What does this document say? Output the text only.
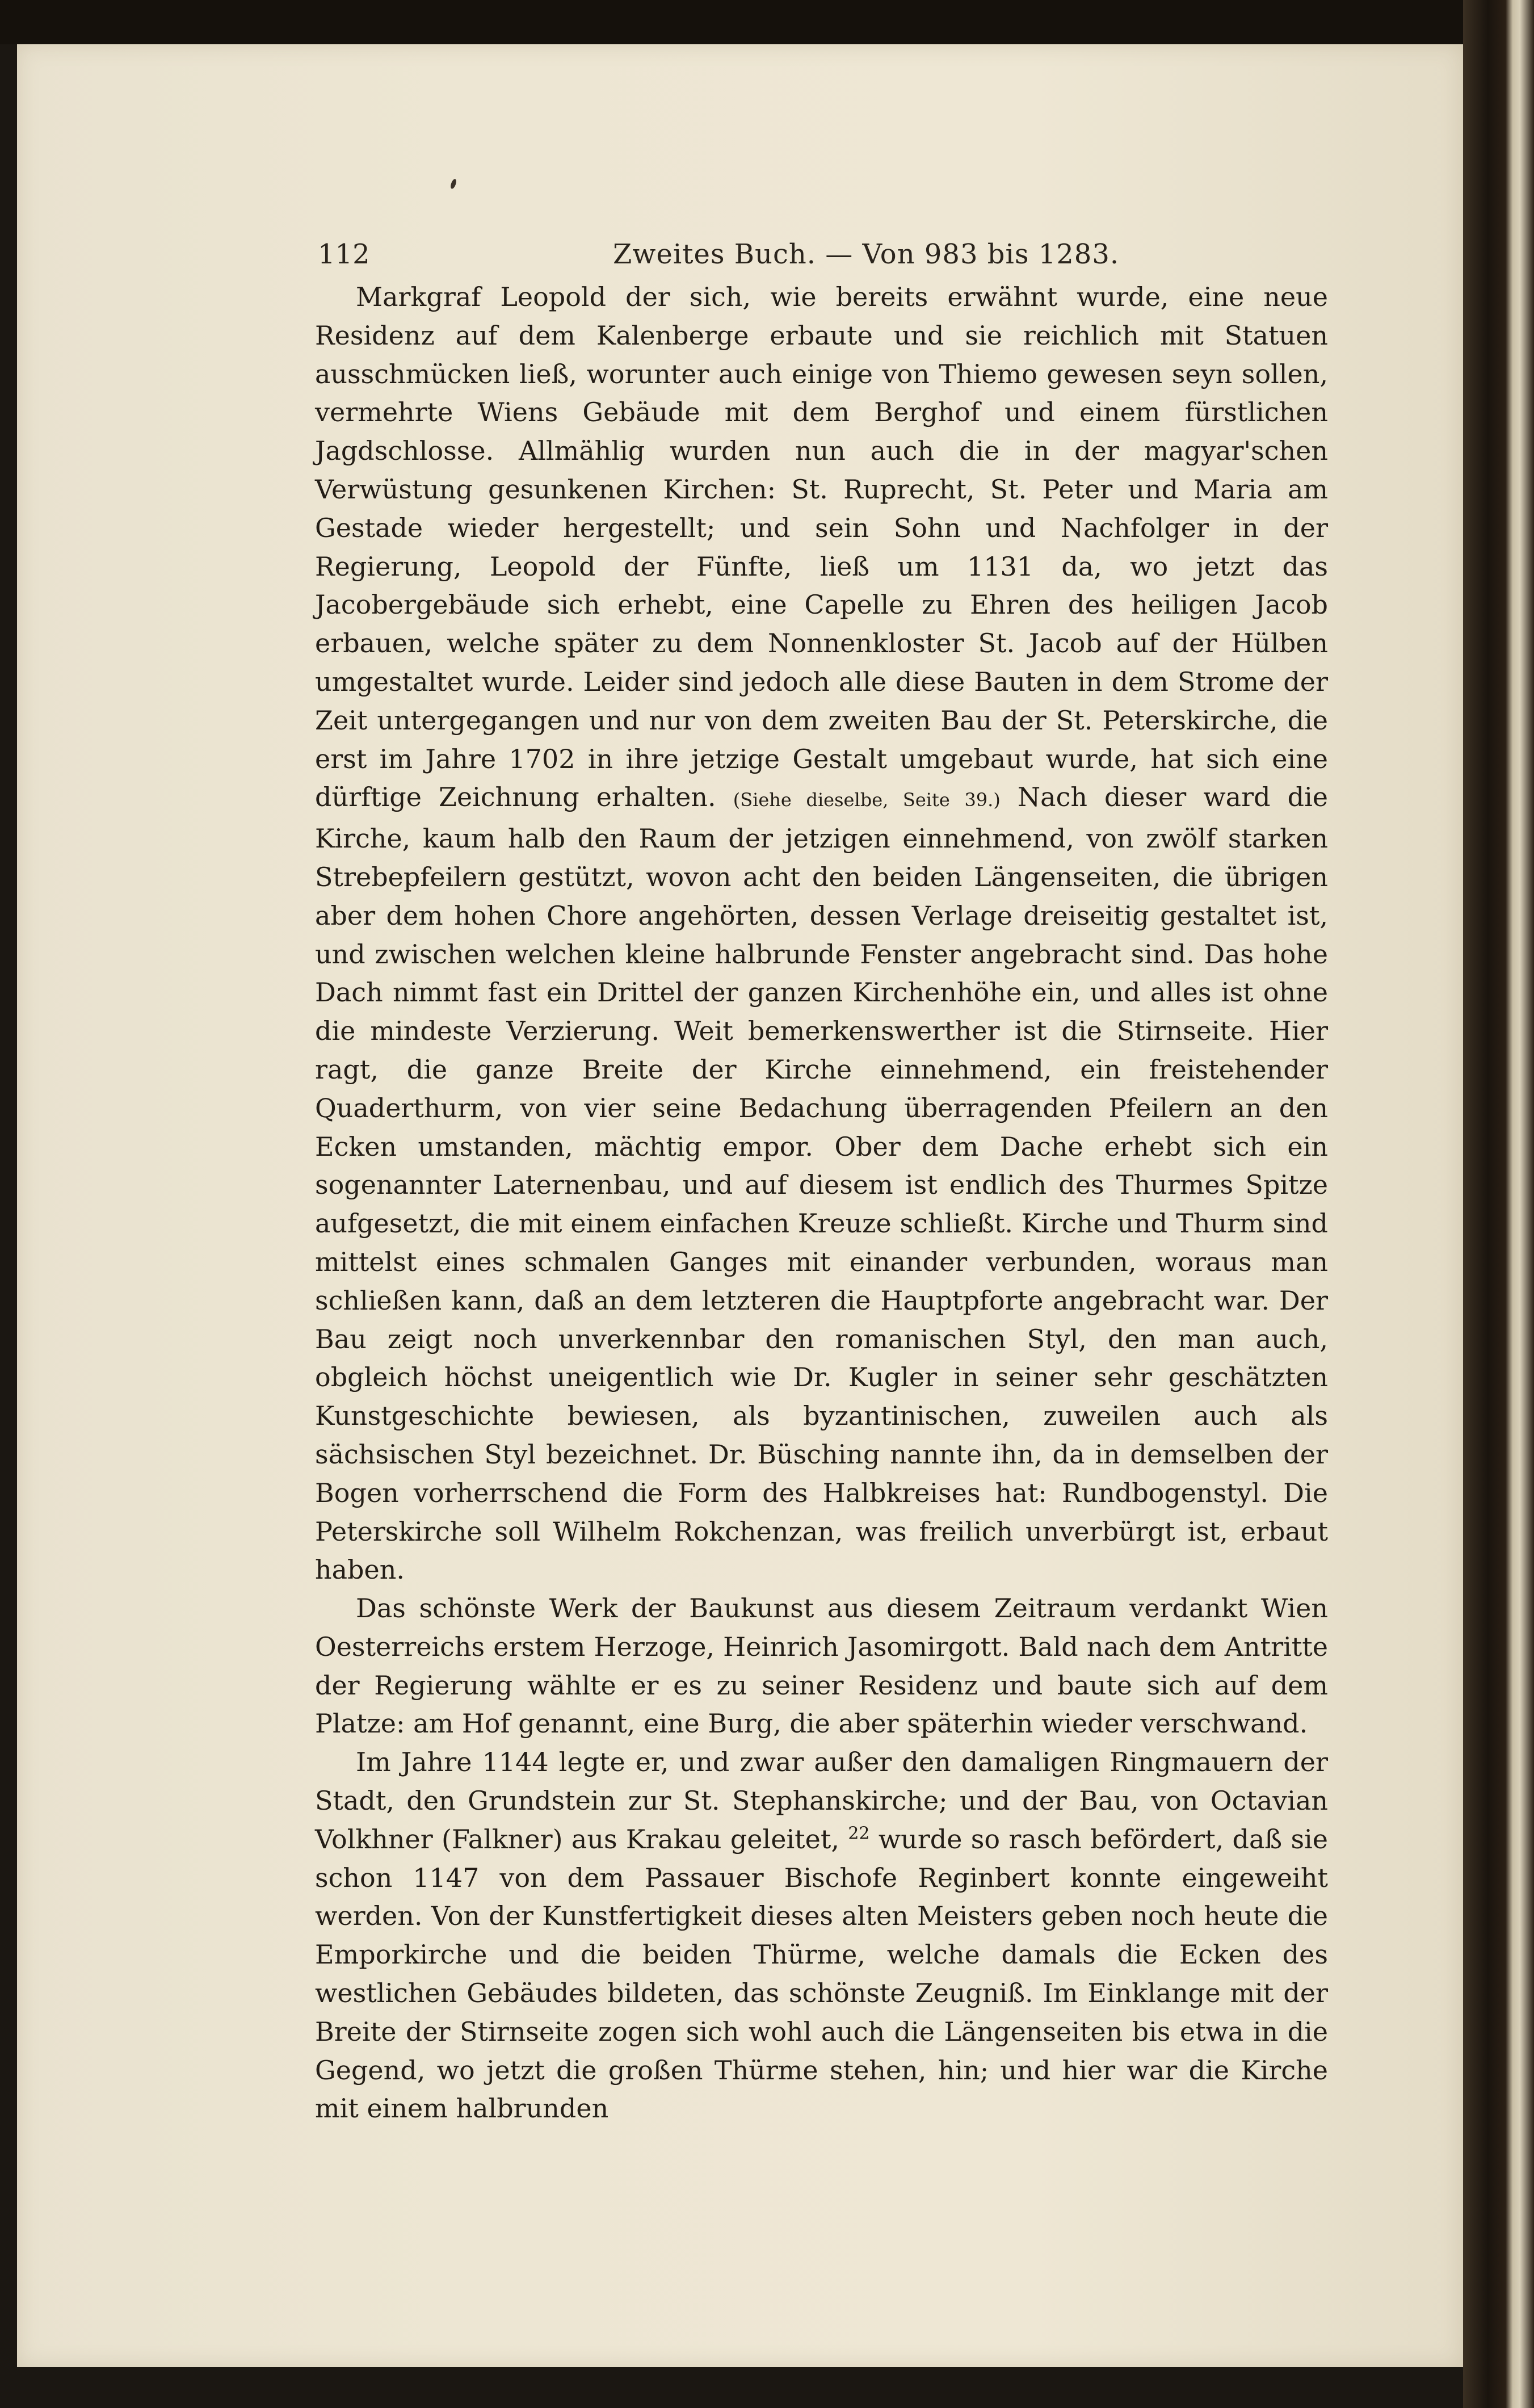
112	Zweites Buch. — Von 983 bis 1283.

Markgraf Leopold der sich, wie bereits erwähnt wurde, eine neue Residenz auf dem Kalenberge erbaute und sie reichlich mit Statuen ausschmücken ließ, worunter auch einige von Thiemo gewesen seyn sollen, vermehrte Wiens Gebäude mit dem Berghof und einem fürstlichen Jagdschlosse. Allmählig wurden nun auch die in der magyar'schen Verwüstung gesunkenen Kirchen: St. Ruprecht, St. Peter und Maria am Gestade wieder hergestellt; und sein Sohn und Nachfolger in der Regierung, Leopold der Fünfte, ließ um 1131 da, wo jetzt das Jacobergebäude sich erhebt, eine Capelle zu Ehren des heiligen Jacob erbauen, welche später zu dem Nonnenkloster St. Jacob auf der Hülben umgestaltet wurde. Leider sind jedoch alle diese Bauten in dem Strome der Zeit untergegangen und nur von dem zweiten Bau der St. Peterskirche, die erst im Jahre 1702 in ihre jetzige Gestalt umgebaut wurde, hat sich eine dürftige Zeichnung erhalten. (Siehe dieselbe, Seite 39.) Nach dieser ward die Kirche, kaum halb den Raum der jetzigen einnehmend, von zwölf starken Strebepfeilern gestützt, wovon acht den beiden Längenseiten, die übrigen aber dem hohen Chore angehörten, dessen Verlage dreiseitig gestaltet ist, und zwischen welchen kleine halbrunde Fenster angebracht sind. Das hohe Dach nimmt fast ein Drittel der ganzen Kirchenhöhe ein, und alles ist ohne die mindeste Verzierung. Weit bemerkenswerther ist die Stirnseite. Hier ragt, die ganze Breite der Kirche einnehmend, ein freistehender Quaderthurm, von vier seine Bedachung überragenden Pfeilern an den Ecken umstanden, mächtig empor. Ober dem Dache erhebt sich ein sogenannter Laternenbau, und auf diesem ist endlich des Thurmes Spitze aufgesetzt, die mit einem einfachen Kreuze schließt. Kirche und Thurm sind mittelst eines schmalen Ganges mit einander verbunden, woraus man schließen kann, daß an dem letzteren die Hauptpforte angebracht war. Der Bau zeigt noch unverkennbar den romanischen Styl, den man auch, obgleich höchst uneigentlich wie Dr. Kugler in seiner sehr geschätzten Kunstgeschichte bewiesen, als byzantinischen, zuweilen auch als sächsischen Styl bezeichnet. Dr. Büsching nannte ihn, da in demselben der Bogen vorherrschend die Form des Halbkreises hat: Rundbogenstyl. Die Peterskirche soll Wilhelm Rokchenzan, was freilich unverbürgt ist, erbaut haben.

Das schönste Werk der Baukunst aus diesem Zeitraum verdankt Wien Oesterreichs erstem Herzoge, Heinrich Jasomirgott. Bald nach dem Antritte der Regierung wählte er es zu seiner Residenz und baute sich auf dem Platze: am Hof genannt, eine Burg, die aber späterhin wieder verschwand.

Im Jahre 1144 legte er, und zwar außer den damaligen Ringmauern der Stadt, den Grundstein zur St. Stephanskirche; und der Bau, von Octavian Volkhner (Falkner) aus Krakau geleitet, $^{22}$ wurde so rasch befördert, daß sie schon 1147 von dem Passauer Bischofe Reginbert konnte eingeweiht werden. Von der Kunstfertigkeit dieses alten Meisters geben noch heute die Emporkirche und die beiden Thürme, welche damals die Ecken des westlichen Gebäudes bildeten, das schönste Zeugniß. Im Einklange mit der Breite der Stirnseite zogen sich wohl auch die Längenseiten bis etwa in die Gegend, wo jetzt die großen Thürme stehen, hin; und hier war die Kirche mit einem halbrunden
